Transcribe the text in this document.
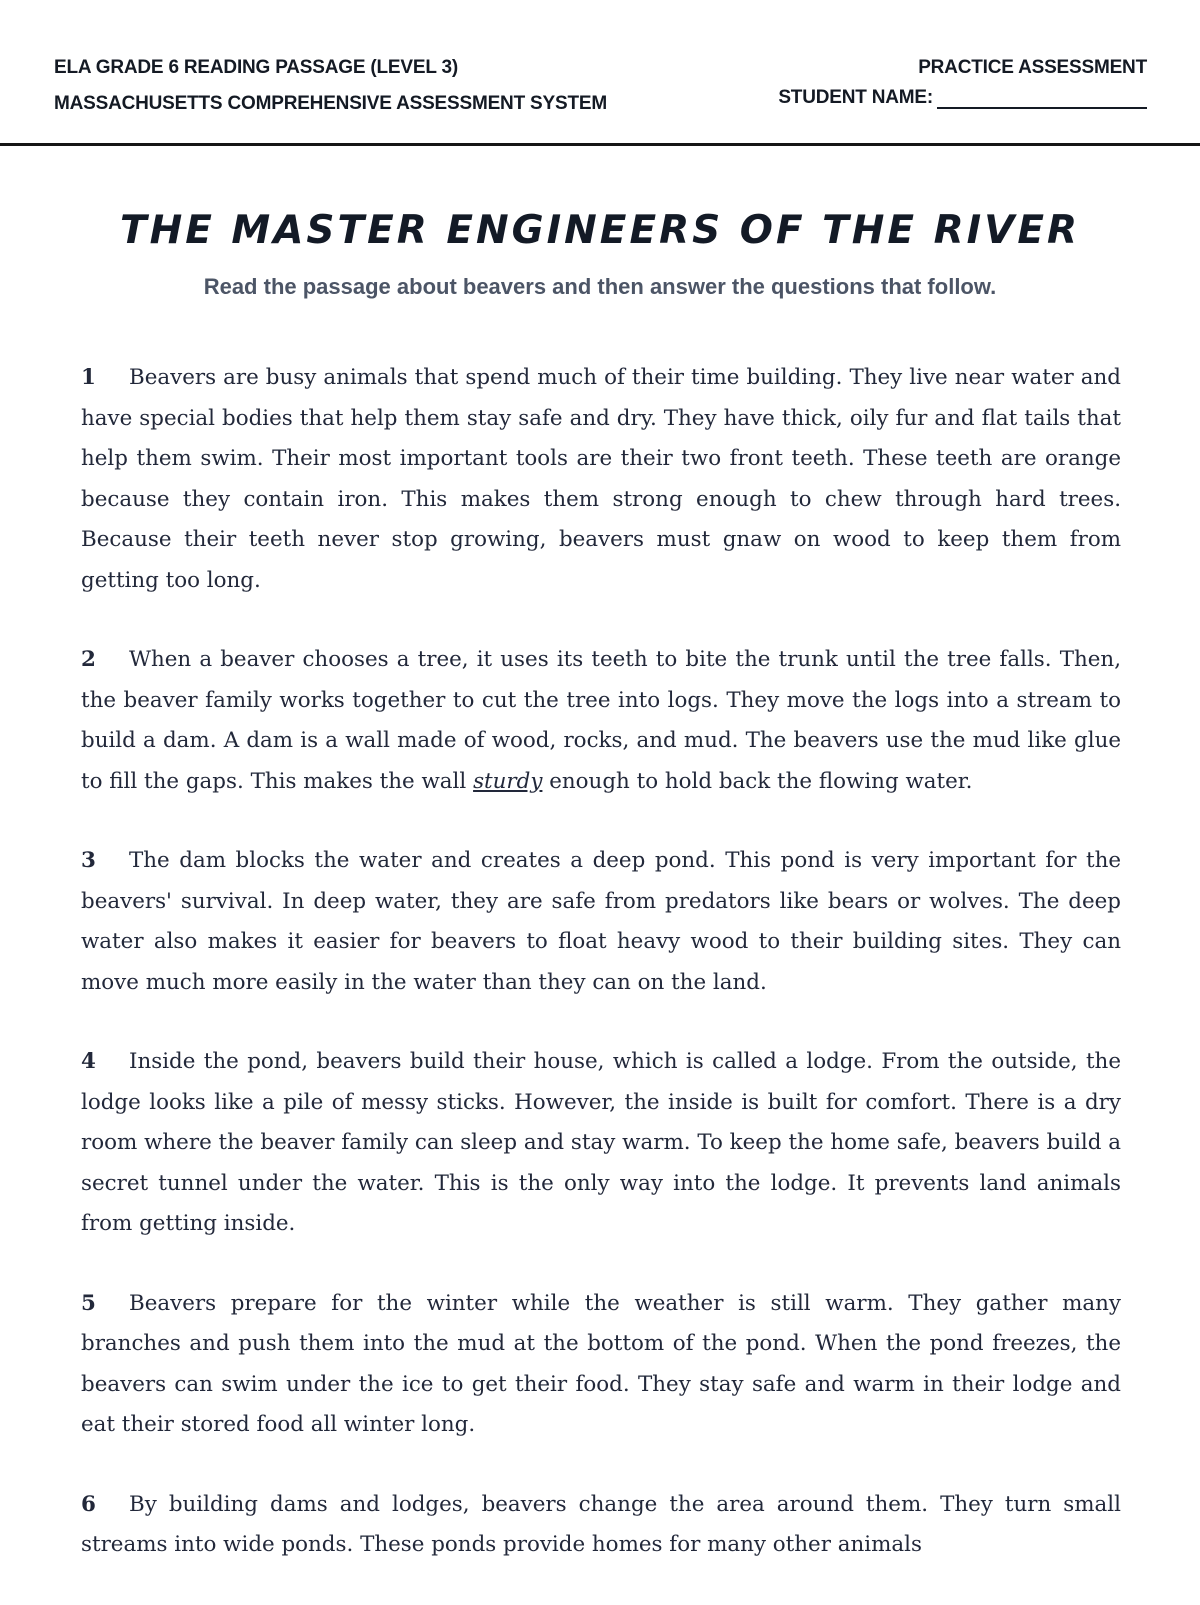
ELA GRADE 6 READING PASSAGE (LEVEL 3)
MASSACHUSETTS COMPREHENSIVE ASSESSMENT SYSTEM
PRACTICE ASSESSMENT
STUDENT NAME:
THE MASTER ENGINEERS OF THE RIVER
Read the passage about beavers and then answer the questions that follow.

1 Beavers are busy animals that spend much of their time building. They live near water and have special bodies that help them stay safe and dry. They have thick, oily fur and flat tails that help them swim. Their most important tools are their two front teeth. These teeth are orange because they contain iron. This makes them strong enough to chew through hard trees. Because their teeth never stop growing, beavers must gnaw on wood to keep them from getting too long.

2 When a beaver chooses a tree, it uses its teeth to bite the trunk until the tree falls. Then, the beaver family works together to cut the tree into logs. They move the logs into a stream to build a dam. A dam is a wall made of wood, rocks, and mud. The beavers use the mud like glue to fill the gaps. This makes the wall sturdy enough to hold back the flowing water.

3 The dam blocks the water and creates a deep pond. This pond is very important for the beavers' survival. In deep water, they are safe from predators like bears or wolves. The deep water also makes it easier for beavers to float heavy wood to their building sites. They can move much more easily in the water than they can on the land.

4 Inside the pond, beavers build their house, which is called a lodge. From the outside, the lodge looks like a pile of messy sticks. However, the inside is built for comfort. There is a dry room where the beaver family can sleep and stay warm. To keep the home safe, beavers build a secret tunnel under the water. This is the only way into the lodge. It prevents land animals from getting inside.

5 Beavers prepare for the winter while the weather is still warm. They gather many branches and push them into the mud at the bottom of the pond. When the pond freezes, the beavers can swim under the ice to get their food. They stay safe and warm in their lodge and eat their stored food all winter long.

6 By building dams and lodges, beavers change the area around them. They turn small streams into wide ponds. These ponds provide homes for many other animals
